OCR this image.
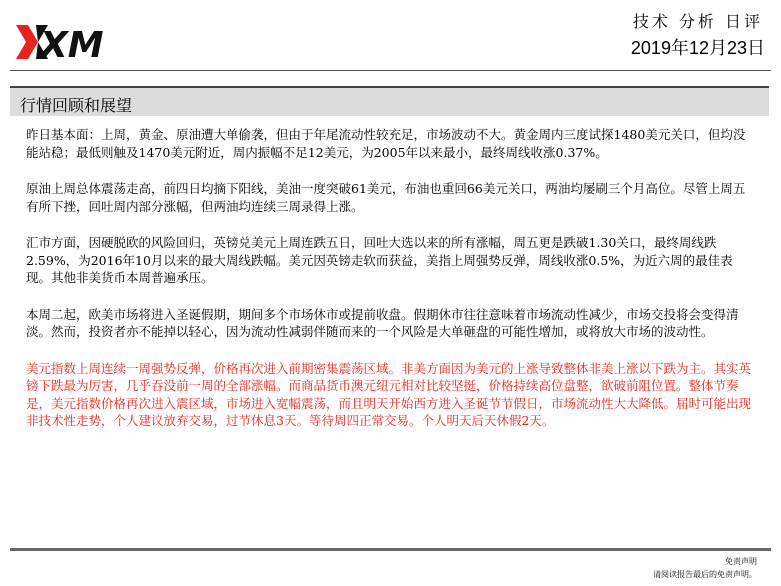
XM
技术 分析 日评
2019年12月23日
行情回顾和展望

昨日基本面：上周，黄金、原油遭大单偷袭，但由于年尾流动性较充足，市场波动不大。黄金周内三度试探1480美元关口，但均没能站稳；最低则触及1470美元附近，周内振幅不足12美元，为2005年以来最小，最终周线收涨0.37%。

原油上周总体震荡走高，前四日均摘下阳线，美油一度突破61美元，布油也重回66美元关口，两油均屡刷三个月高位。尽管上周五有所下挫，回吐周内部分涨幅，但两油均连续三周录得上涨。

汇市方面，因硬脱欧的风险回归，英镑兑美元上周连跌五日，回吐大选以来的所有涨幅，周五更是跌破1.30关口，最终周线跌2.59%，为2016年10月以来的最大周线跌幅。美元因英镑走软而获益，美指上周强势反弹，周线收涨0.5%，为近六周的最佳表现。其他非美货币本周普遍承压。

本周二起，欧美市场将进入圣诞假期，期间多个市场休市或提前收盘。假期休市往往意味着市场流动性减少，市场交投将会变得清淡。然而，投资者亦不能掉以轻心，因为流动性减弱伴随而来的一个风险是大单砸盘的可能性增加，或将放大市场的波动性。

美元指数上周连续一周强势反弹，价格再次进入前期密集震荡区域。非美方面因为美元的上涨导致整体非美上涨以下跌为主。其实英镑下跌最为厉害，几乎吞没前一周的全部涨幅。而商品货币澳元纽元相对比较坚挺，价格持续高位盘整，欲破前阻位置。整体节奏是，美元指数价格再次进入震区域，市场进入宽幅震荡，而且明天开始西方进入圣诞节节假日，市场流动性大大降低。届时可能出现非技术性走势，个人建议放弃交易，过节休息3天。等待周四正常交易。个人明天后天休假2天。

免责声明
请阅读报告最后的免责声明。
